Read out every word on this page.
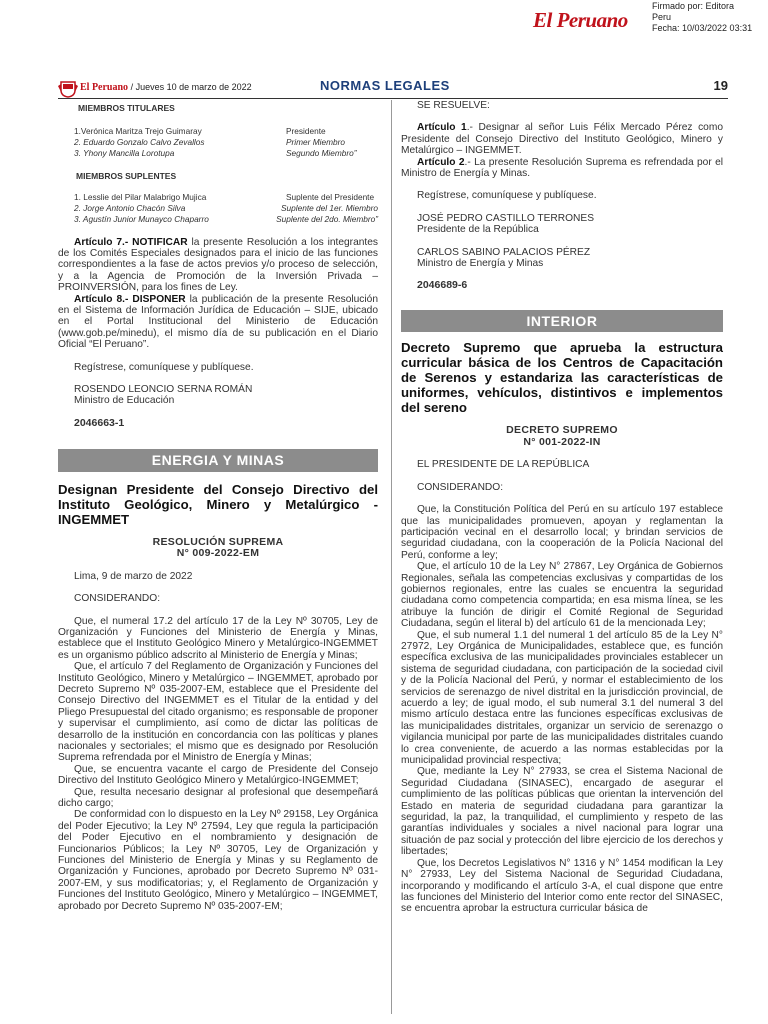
El Peruano
Firmado por: Editora
Peru
Fecha: 10/03/2022 03:31
El Peruano / Jueves 10 de marzo de 2022	NORMAS LEGALES	19

MIEMBROS TITULARES

1.Verónica Maritza Trejo Guimaray	Presidente
2. Eduardo Gonzalo Calvo Zevallos	Primer Miembro
3. Yhony Mancilla Lorotupa	Segundo Miembro”

MIEMBROS SUPLENTES

1. Lesslie del Pilar Malabrigo Mujica	Suplente del Presidente
2. Jorge Antonio Chacón Silva	Suplente del 1er. Miembro
3. Agustín Junior Munayco Chaparro	Suplente del 2do. Miembro”

Artículo 7.- NOTIFICAR la presente Resolución a los integrantes de los Comités Especiales designados para el inicio de las funciones correspondientes a la fase de actos previos y/o proceso de selección, y a la Agencia de Promoción de la Inversión Privada – PROINVERSIÓN, para los fines de Ley.

Artículo 8.- DISPONER la publicación de la presente Resolución en el Sistema de Información Jurídica de Educación – SIJE, ubicado en el Portal Institucional del Ministerio de Educación (www.gob.pe/minedu), el mismo día de su publicación en el Diario Oficial “El Peruano”.

Regístrese, comuníquese y publíquese.

ROSENDO LEONCIO SERNA ROMÁN

Ministro de Educación

2046663-1

ENERGIA Y MINAS

Designan Presidente del Consejo Directivo del Instituto Geológico, Minero y Metalúrgico - INGEMMET

RESOLUCIÓN SUPREMA
N° 009-2022-EM

Lima, 9 de marzo de 2022

CONSIDERANDO:

Que, el numeral 17.2 del artículo 17 de la Ley Nº 30705, Ley de Organización y Funciones del Ministerio de Energía y Minas, establece que el Instituto Geológico Minero y Metalúrgico-INGEMMET es un organismo público adscrito al Ministerio de Energía y Minas;

Que, el artículo 7 del Reglamento de Organización y Funciones del Instituto Geológico, Minero y Metalúrgico – INGEMMET, aprobado por Decreto Supremo Nº 035-2007-EM, establece que el Presidente del Consejo Directivo del INGEMMET es el Titular de la entidad y del Pliego Presupuestal del citado organismo; es responsable de proponer y supervisar el cumplimiento, así como de dictar las políticas de desarrollo de la institución en concordancia con las políticas y planes nacionales y sectoriales; el mismo que es designado por Resolución Suprema refrendada por el Ministro de Energía y Minas;

Que, se encuentra vacante el cargo de Presidente del Consejo Directivo del Instituto Geológico Minero y Metalúrgico-INGEMMET;

Que, resulta necesario designar al profesional que desempeñará dicho cargo;

De conformidad con lo dispuesto en la Ley Nº 29158, Ley Orgánica del Poder Ejecutivo; la Ley Nº 27594, Ley que regula la participación del Poder Ejecutivo en el nombramiento y designación de Funcionarios Públicos; la Ley Nº 30705, Ley de Organización y Funciones del Ministerio de Energía y Minas y su Reglamento de Organización y Funciones, aprobado por Decreto Supremo Nº 031-2007-EM, y sus modificatorias; y, el Reglamento de Organización y Funciones del Instituto Geológico, Minero y Metalúrgico – INGEMMET, aprobado por Decreto Supremo Nº 035-2007-EM;

SE RESUELVE:

Artículo 1.- Designar al señor Luis Félix Mercado Pérez como Presidente del Consejo Directivo del Instituto Geológico, Minero y Metalúrgico – INGEMMET.

Artículo 2.- La presente Resolución Suprema es refrendada por el Ministro de Energía y Minas.

Regístrese, comuníquese y publíquese.

JOSÉ PEDRO CASTILLO TERRONES

Presidente de la República

CARLOS SABINO PALACIOS PÉREZ

Ministro de Energía y Minas

2046689-6

INTERIOR

Decreto Supremo que aprueba la estructura curricular básica de los Centros de Capacitación de Serenos y estandariza las características de uniformes, vehículos, distintivos e implementos del sereno

DECRETO SUPREMO
N° 001-2022-IN

EL PRESIDENTE DE LA REPÚBLICA

CONSIDERANDO:

Que, la Constitución Política del Perú en su artículo 197 establece que las municipalidades promueven, apoyan y reglamentan la participación vecinal en el desarrollo local; y brindan servicios de seguridad ciudadana, con la cooperación de la Policía Nacional del Perú, conforme a ley;

Que, el artículo 10 de la Ley N° 27867, Ley Orgánica de Gobiernos Regionales, señala las competencias exclusivas y compartidas de los gobiernos regionales, entre las cuales se encuentra la seguridad ciudadana como competencia compartida; en esa misma línea, se les atribuye la función de dirigir el Comité Regional de Seguridad Ciudadana, según el literal b) del artículo 61 de la mencionada Ley;

Que, el sub numeral 1.1 del numeral 1 del artículo 85 de la Ley N° 27972, Ley Orgánica de Municipalidades, establece que, es función específica exclusiva de las municipalidades provinciales establecer un sistema de seguridad ciudadana, con participación de la sociedad civil y de la Policía Nacional del Perú, y normar el establecimiento de los servicios de serenazgo de nivel distrital en la jurisdicción provincial, de acuerdo a ley; de igual modo, el sub numeral 3.1 del numeral 3 del mismo artículo destaca entre las funciones específicas exclusivas de las municipalidades distritales, organizar un servicio de serenazgo o vigilancia municipal por parte de las municipalidades distritales cuando lo crea conveniente, de acuerdo a las normas establecidas por la municipalidad provincial respectiva;

Que, mediante la Ley N° 27933, se crea el Sistema Nacional de Seguridad Ciudadana (SINASEC), encargado de asegurar el cumplimiento de las políticas públicas que orientan la intervención del Estado en materia de seguridad ciudadana para garantizar la seguridad, la paz, la tranquilidad, el cumplimiento y respeto de las garantías individuales y sociales a nivel nacional para lograr una situación de paz social y protección del libre ejercicio de los derechos y libertades;

Que, los Decretos Legislativos N° 1316 y N° 1454 modifican la Ley N° 27933, Ley del Sistema Nacional de Seguridad Ciudadana, incorporando y modificando el artículo 3-A, el cual dispone que entre las funciones del Ministerio del Interior como ente rector del SINASEC, se encuentra aprobar la estructura curricular básica de
